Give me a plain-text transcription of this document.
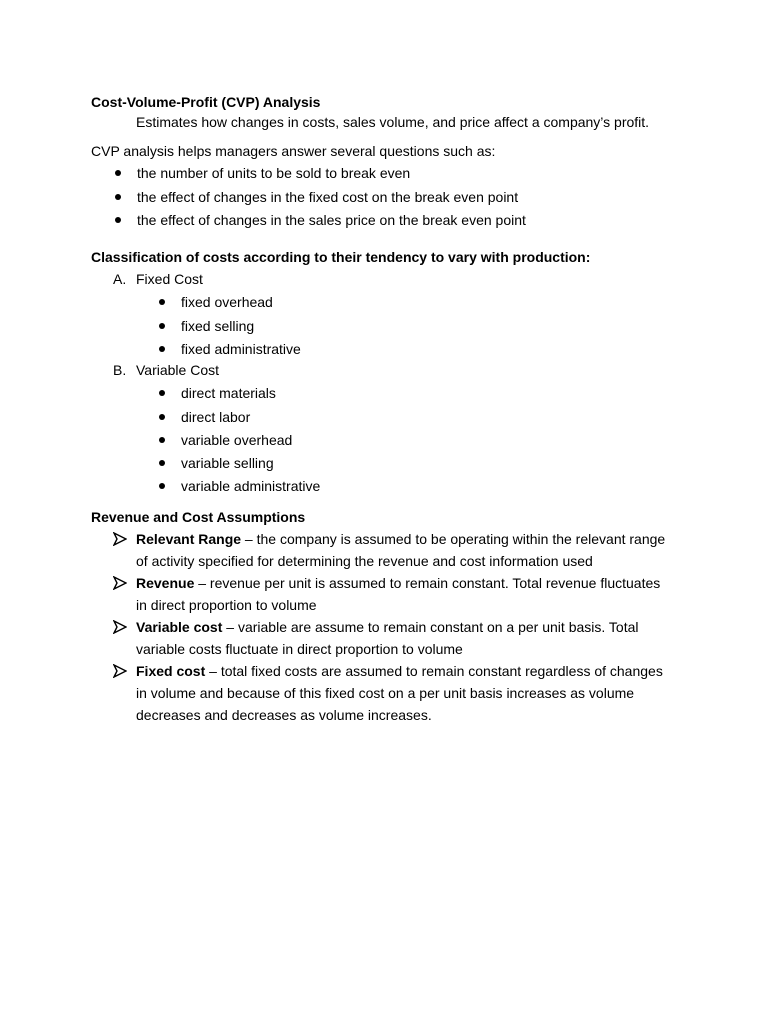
Cost-Volume-Profit (CVP) Analysis
Estimates how changes in costs, sales volume, and price affect a company’s profit.
CVP analysis helps managers answer several questions such as:
the number of units to be sold to break even
the effect of changes in the fixed cost on the break even point
the effect of changes in the sales price on the break even point
Classification of costs according to their tendency to vary with production:
A. Fixed Cost
fixed overhead
fixed selling
fixed administrative
B. Variable Cost
direct materials
direct labor
variable overhead
variable selling
variable administrative
Revenue and Cost Assumptions
Relevant Range – the company is assumed to be operating within the relevant range
of activity specified for determining the revenue and cost information used
Revenue – revenue per unit is assumed to remain constant. Total revenue fluctuates
in direct proportion to volume
Variable cost – variable are assume to remain constant on a per unit basis. Total
variable costs fluctuate in direct proportion to volume
Fixed cost – total fixed costs are assumed to remain constant regardless of changes
in volume and because of this fixed cost on a per unit basis increases as volume
decreases and decreases as volume increases.
